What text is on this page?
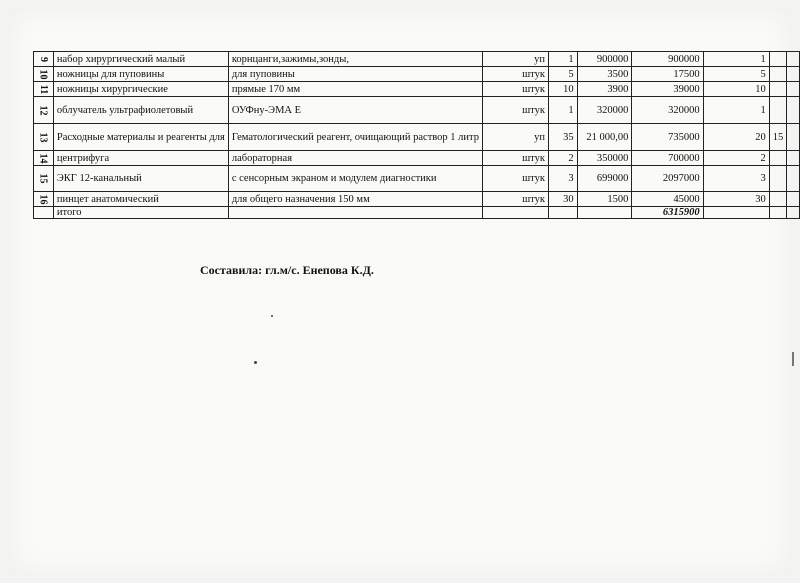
9	набор хирургический малый	корнцанги,зажимы,зонды,	уп	1	900000	900000	1		
10	ножницы для пуповины	для пуповины	штук	5	3500	17500	5		
11	ножницы хирургические	прямые 170 мм	штук	10	3900	39000	10		
12	облучатель ультрафиолетовый	ОУФну-ЭМА Е	штук	1	320000	320000	1		
13	Расходные материалы и реагенты для	Гематологический реагент, очищающий раствор 1 литр	уп	35	21 000,00	735000	20	15	
14	центрифуга	лабораторная	штук	2	350000	700000	2		
15	ЭКГ 12-канальный	с сенсорным экраном и модулем диагностики	штук	3	699000	2097000	3		
16	пинцет анатомический	для общего назначения 150 мм	штук	30	1500	45000	30		
	итого					6315900			
Составила: гл.м/с. Енепова К.Д.
